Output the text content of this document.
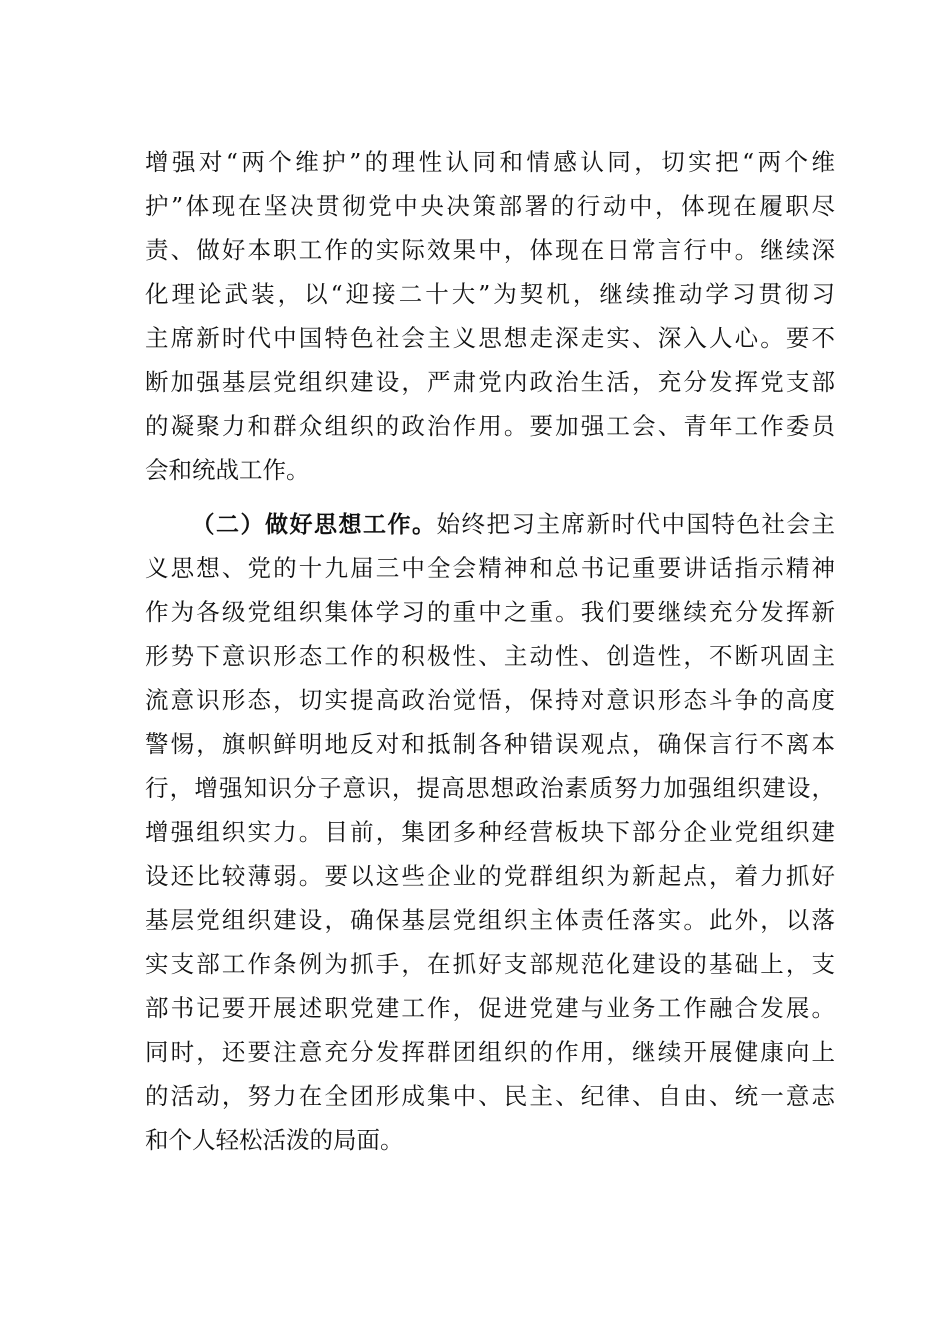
增强对“两个维护”的理性认同和情感认同，切实把“两个维
护”体现在坚决贯彻党中央决策部署的行动中，体现在履职尽
责、做好本职工作的实际效果中，体现在日常言行中。继续深
化理论武装，以“迎接二十大”为契机，继续推动学习贯彻习
主席新时代中国特色社会主义思想走深走实、深入人心。要不
断加强基层党组织建设，严肃党内政治生活，充分发挥党支部
的凝聚力和群众组织的政治作用。要加强工会、青年工作委员
会和统战工作。
（二）做好思想工作。始终把习主席新时代中国特色社会主
义思想、党的十九届三中全会精神和总书记重要讲话指示精神
作为各级党组织集体学习的重中之重。我们要继续充分发挥新
形势下意识形态工作的积极性、主动性、创造性，不断巩固主
流意识形态，切实提高政治觉悟，保持对意识形态斗争的高度
警惕，旗帜鲜明地反对和抵制各种错误观点，确保言行不离本
行，增强知识分子意识，提高思想政治素质努力加强组织建设，
增强组织实力。目前，集团多种经营板块下部分企业党组织建
设还比较薄弱。要以这些企业的党群组织为新起点，着力抓好
基层党组织建设，确保基层党组织主体责任落实。此外，以落
实支部工作条例为抓手，在抓好支部规范化建设的基础上，支
部书记要开展述职党建工作，促进党建与业务工作融合发展。
同时，还要注意充分发挥群团组织的作用，继续开展健康向上
的活动，努力在全团形成集中、民主、纪律、自由、统一意志
和个人轻松活泼的局面。
